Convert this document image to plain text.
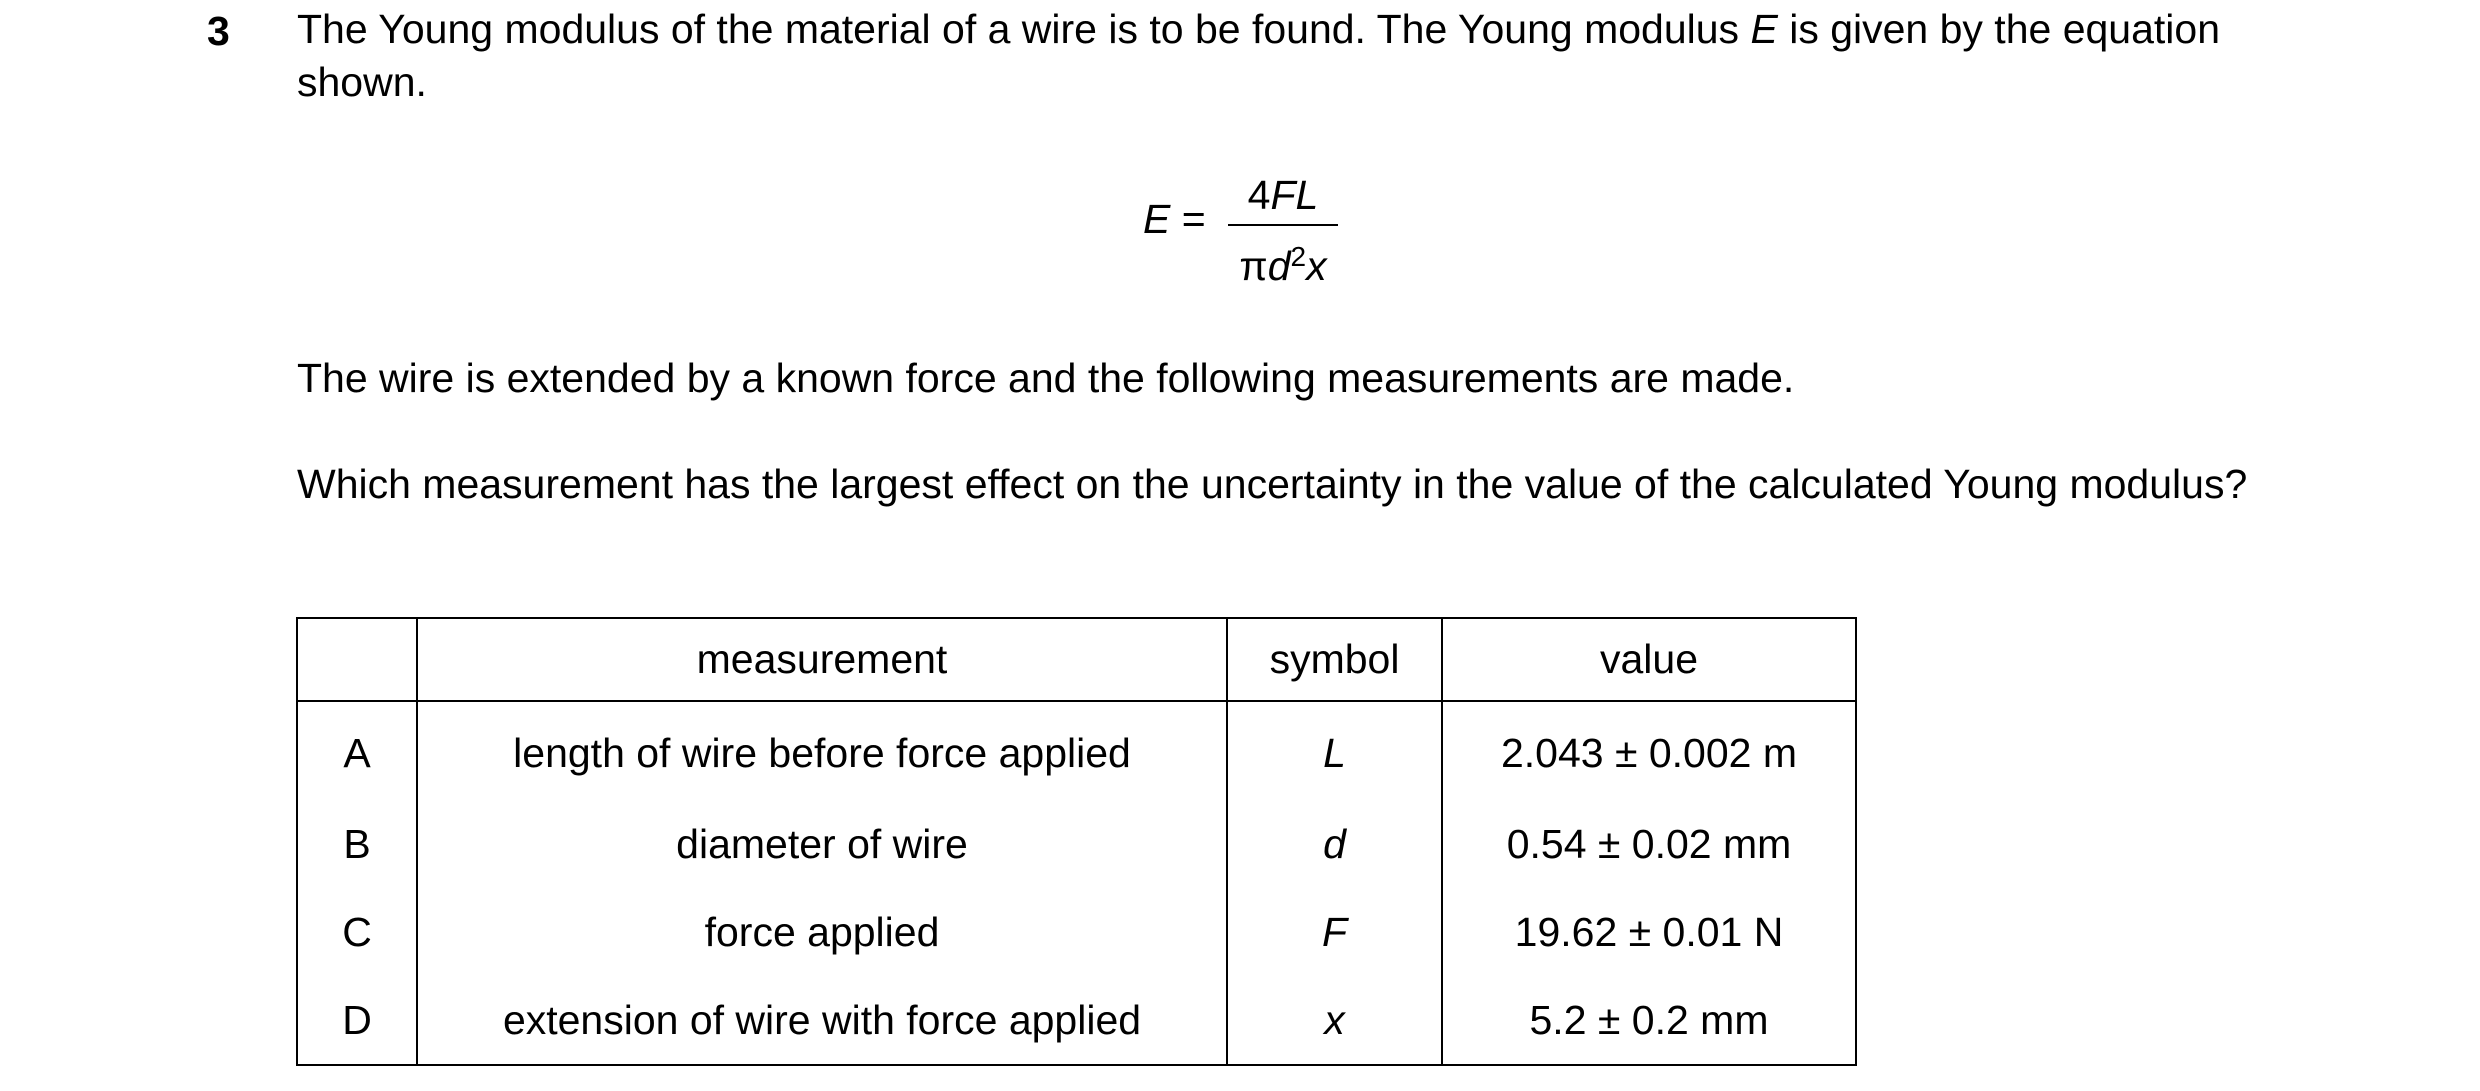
3 The Young modulus of the material of a wire is to be found. The Young modulus E is given by the equation shown.

E =
4FL
$\pi d^2x$

The wire is extended by a known force and the following measurements are made.

Which measurement has the largest effect on the uncertainty in the value of the calculated Young modulus?

	measurement	symbol	value
A	length of wire before force applied	L	2.043 ± 0.002 m
B	diameter of wire	d	0.54 ± 0.02 mm
C	force applied	F	19.62 ± 0.01 N
D	extension of wire with force applied	x	5.2 ± 0.2 mm
